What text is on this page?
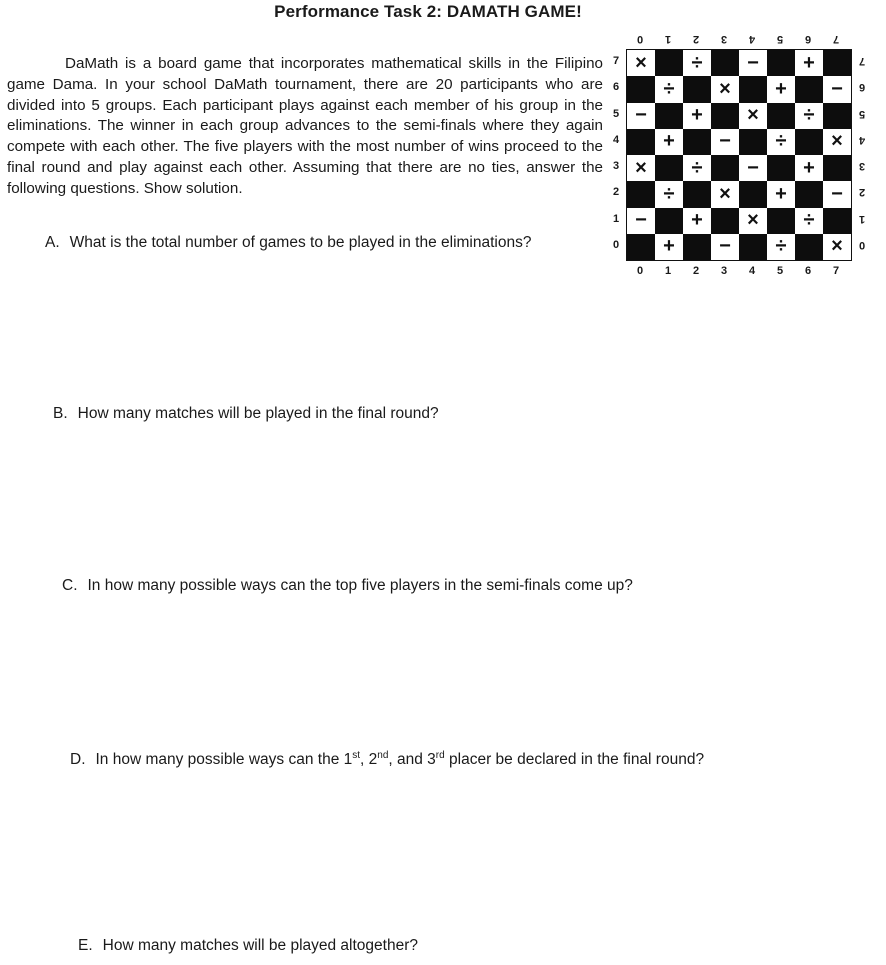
Performance Task 2: DAMATH GAME!

DaMath is a board game that incorporates mathematical skills in the Filipino game Dama. In your school DaMath tournament, there are 20 participants who are divided into 5 groups. Each participant plays against each member of his group in the eliminations. The winner in each group advances to the semi-finals where they again compete with each other. The five players with the most number of wins proceed to the final round and play against each other. Assuming that there are no ties, answer the following questions. Show solution.

× ÷ − +
÷ × + −
− + × ÷
+ − ÷ ×
× ÷ − +
÷ × + −
− + × ÷
+ − ÷ ×
7
6
5
4
3
2
1
0
0 1 2 3 4 5 6 7
0 1 2 3 4 5 6 7
7
6
5
4
3
2
1
0
A. What is the total number of games to be played in the eliminations?
B. How many matches will be played in the final round?
C. In how many possible ways can the top five players in the semi-finals come up?
D. In how many possible ways can the 1st, 2nd, and 3rd placer be declared in the final round?
E. How many matches will be played altogether?
